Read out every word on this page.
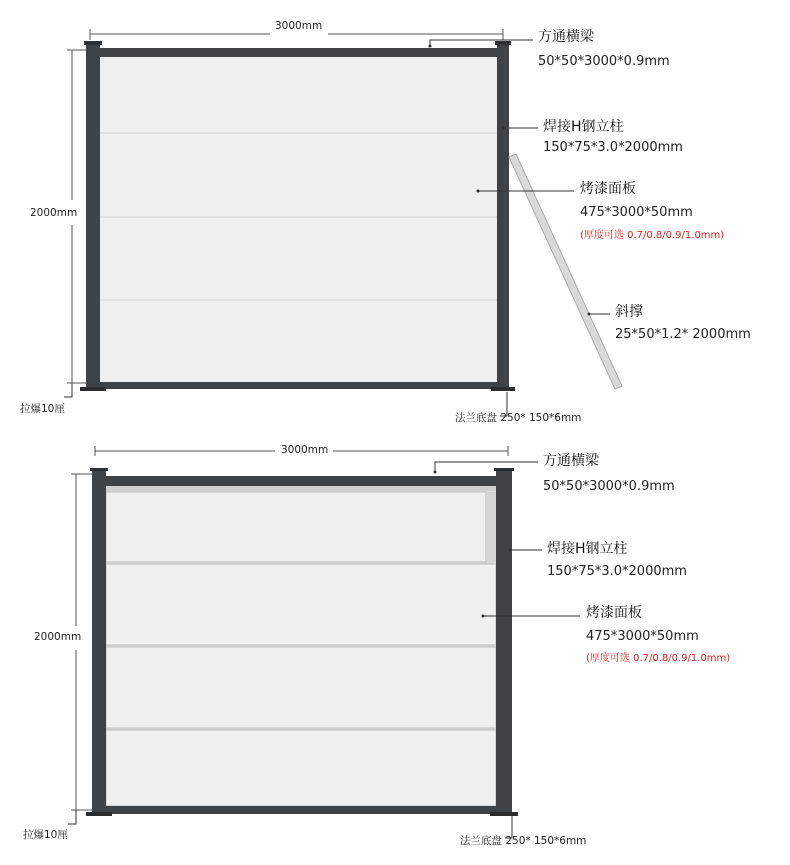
3000mm
2000mm
方通横梁
50*50*3000*0.9mm
焊接H钢立柱
150*75*3.0*2000mm
烤漆面板
475*3000*50mm
(厚度可选 0.7/0.8/0.9/1.0mm)
斜撑
25*50*1.2* 2000mm
拉爆10厘
法兰底盘 250* 150*6mm
3000mm
2000mm
方通横梁
50*50*3000*0.9mm
焊接H钢立柱
150*75*3.0*2000mm
烤漆面板
475*3000*50mm
(厚度可选 0.7/0.8/0.9/1.0mm)
拉爆10厘	法兰底盘 250* 150*6mm
